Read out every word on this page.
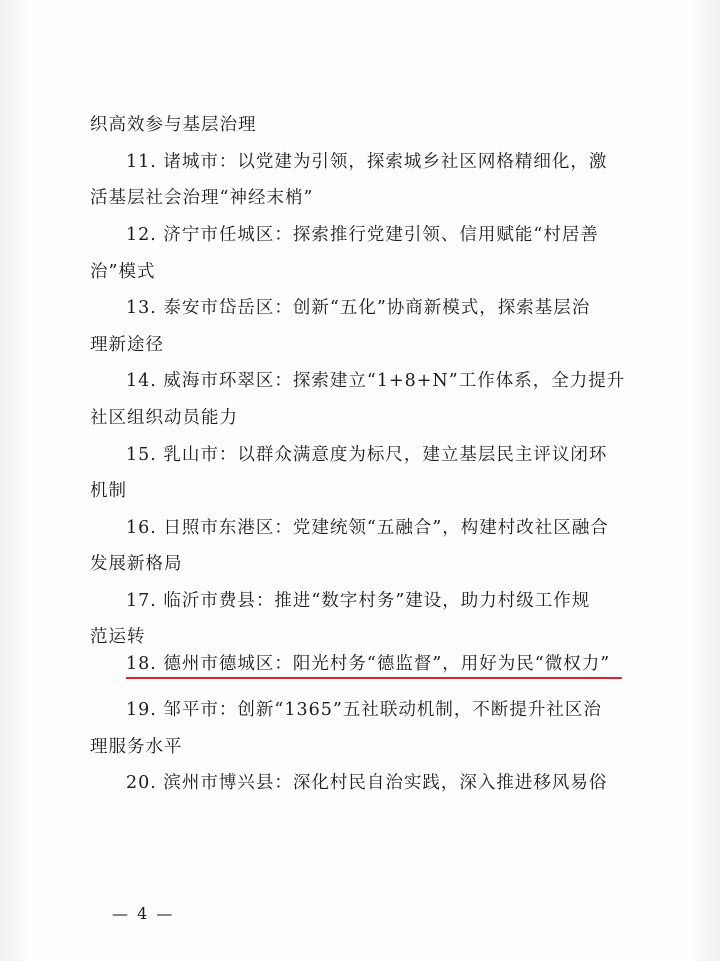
织高效参与基层治理
11. 诸城市：以党建为引领，探索城乡社区网格精细化，激
活基层社会治理“神经末梢”
12. 济宁市任城区：探索推行党建引领、信用赋能“村居善
治”模式
13. 泰安市岱岳区：创新“五化”协商新模式，探索基层治
理新途径
14. 威海市环翠区：探索建立“1+8+N”工作体系，全力提升
社区组织动员能力
15. 乳山市：以群众满意度为标尺，建立基层民主评议闭环
机制
16. 日照市东港区：党建统领“五融合”，构建村改社区融合
发展新格局
17. 临沂市费县：推进“数字村务”建设，助力村级工作规
范运转
18. 德州市德城区：阳光村务“德监督”，用好为民“微权力”
19. 邹平市：创新“1365”五社联动机制，不断提升社区治
理服务水平
20. 滨州市博兴县：深化村民自治实践，深入推进移风易俗
— 4 —
